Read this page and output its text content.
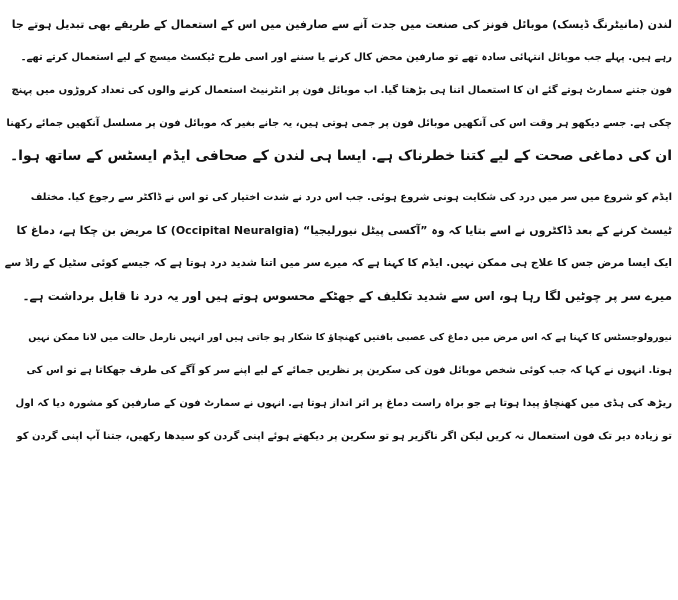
لندن (مانیٹرنگ ڈیسک) موبائل فونز کی صنعت میں جدت آنے سے صارفین میں اس کے استعمال کے طریقے بھی تبدیل ہوتے جا
رہے ہیں. پہلے جب موبائل انتہائی سادہ تھے تو صارفین محض کال کرنے یا سننے اور اسی طرح ٹیکسٹ میسج کے لیے استعمال کرتے تھے۔
فون جتنے سمارٹ ہوتے گئے ان کا استعمال اتنا ہی بڑھتا گیا. اب موبائل فون پر انٹرنیٹ استعمال کرنے والوں کی تعداد کروڑوں میں پہنچ
چکی ہے. جسے دیکھو ہر وقت اس کی آنکھیں موبائل فون پر جمی ہوتی ہیں، یہ جانے بغیر کہ موبائل فون پر مسلسل آنکھیں جمائے رکھنا
ان کی دماغی صحت کے لیے کتنا خطرناک ہے. ایسا ہی لندن کے صحافی ایڈم ایسٹس کے ساتھ ہوا۔
ایڈم کو شروع میں سر میں درد کی شکایت ہونی شروع ہوئی. جب اس درد نے شدت اختیار کی تو اس نے ڈاکٹر سے رجوع کیا. مختلف
ٹیسٹ کرنے کے بعد ڈاکٹروں نے اسے بتایا کہ وہ ”آکسی پیٹل نیورلیجیا“ (Occipital Neuralgia) کا مریض بن چکا ہے، دماغ کا
ایک ایسا مرض جس کا علاج ہی ممکن نہیں. ایڈم کا کہنا ہے کہ میرے سر میں اتنا شدید درد ہوتا ہے کہ جیسے کوئی سٹیل کے راڈ سے
میرے سر پر چوٹیں لگا رہا ہو، اس سے شدید تکلیف کے جھٹکے محسوس ہوتے ہیں اور یہ درد نا قابل برداشت ہے۔
نیورولوجسٹس کا کہنا ہے کہ اس مرض میں دماغ کی عصبی بافتیں کھنچاؤ کا شکار ہو جاتی ہیں اور انہیں نارمل حالت میں لانا ممکن نہیں
ہوتا. انہوں نے کہا کہ جب کوئی شخص موبائل فون کی سکرین پر نظریں جمائے کے لیے اپنے سر کو آگے کی طرف جھکاتا ہے تو اس کی
ریڑھ کی ہڈی میں کھنچاؤ پیدا ہوتا ہے جو براہ راست دماغ پر اثر انداز ہوتا ہے. انہوں نے سمارٹ فون کے صارفین کو مشورہ دیا کہ اول
تو زیادہ دیر تک فون استعمال نہ کریں لیکن اگر ناگزیر ہو تو سکرین پر دیکھتے ہوئے اپنی گردن کو سیدھا رکھیں، جتنا آپ اپنی گردن کو
